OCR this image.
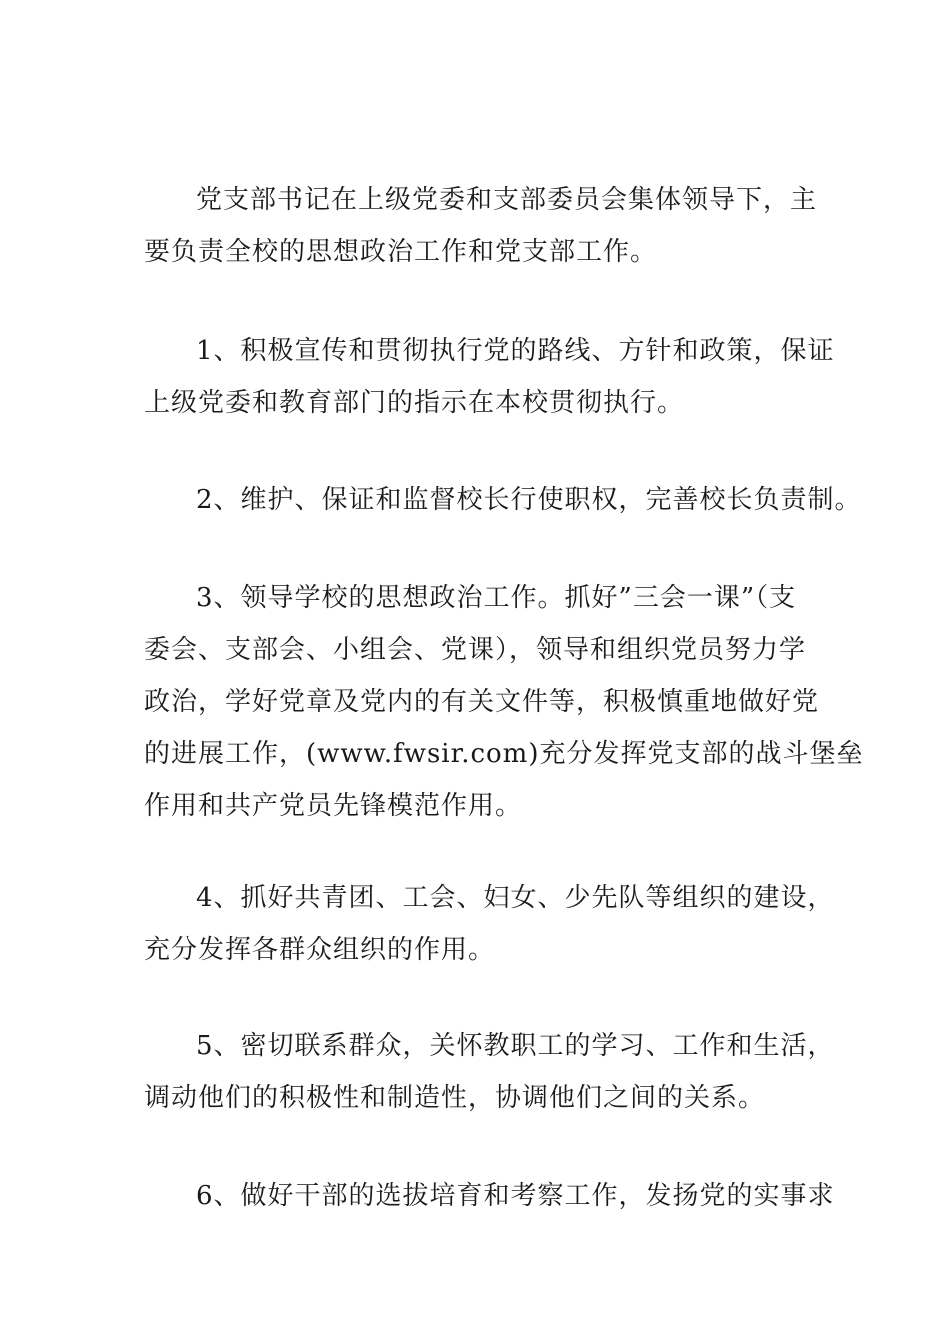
党支部书记在上级党委和支部委员会集体领导下，主
要负责全校的思想政治工作和党支部工作。
1、积极宣传和贯彻执行党的路线、方针和政策，保证
上级党委和教育部门的指示在本校贯彻执行。
2、维护、保证和监督校长行使职权，完善校长负责制。
3、领导学校的思想政治工作。抓好”三会一课”（支
委会、支部会、小组会、党课），领导和组织党员努力学
政治，学好党章及党内的有关文件等，积极慎重地做好党
的进展工作，(www.fwsir.com)充分发挥党支部的战斗堡垒
作用和共产党员先锋模范作用。
4、抓好共青团、工会、妇女、少先队等组织的建设，
充分发挥各群众组织的作用。
5、密切联系群众，关怀教职工的学习、工作和生活，
调动他们的积极性和制造性，协调他们之间的关系。
6、做好干部的选拔培育和考察工作，发扬党的实事求
